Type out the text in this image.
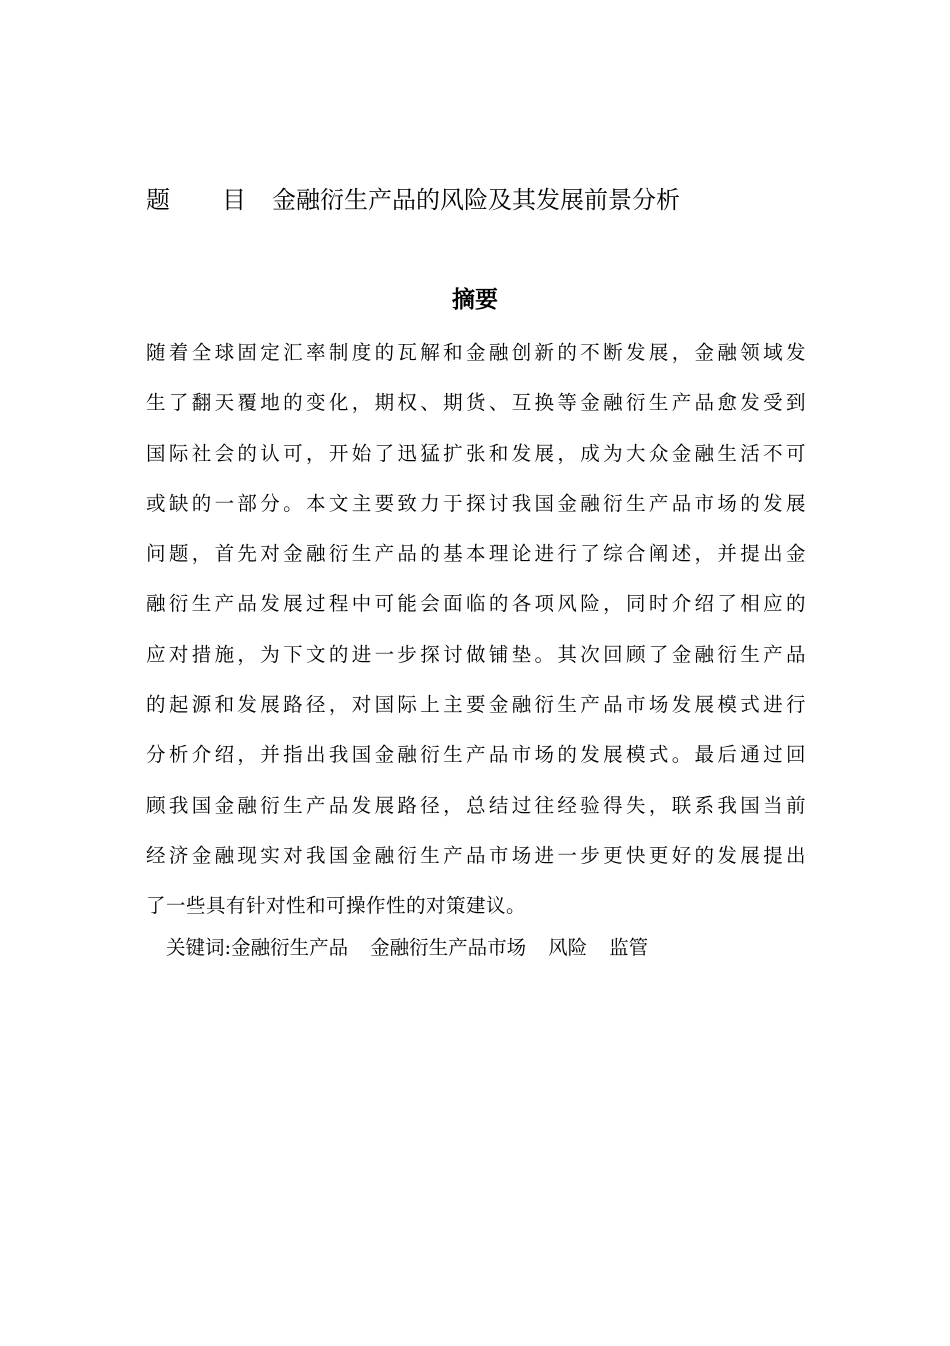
题	目	金融衍生产品的风险及其发展前景分析
摘要
随着全球固定汇率制度的瓦解和金融创新的不断发展，金融领域发
生了翻天覆地的变化，期权、期货、互换等金融衍生产品愈发受到
国际社会的认可，开始了迅猛扩张和发展，成为大众金融生活不可
或缺的一部分。本文主要致力于探讨我国金融衍生产品市场的发展
问题，首先对金融衍生产品的基本理论进行了综合阐述，并提出金
融衍生产品发展过程中可能会面临的各项风险，同时介绍了相应的
应对措施，为下文的进一步探讨做铺垫。其次回顾了金融衍生产品
的起源和发展路径，对国际上主要金融衍生产品市场发展模式进行
分析介绍，并指出我国金融衍生产品市场的发展模式。最后通过回
顾我国金融衍生产品发展路径，总结过往经验得失，联系我国当前
经济金融现实对我国金融衍生产品市场进一步更快更好的发展提出
了一些具有针对性和可操作性的对策建议。
关键词:金融衍生产品 金融衍生产品市场 风险 监管
